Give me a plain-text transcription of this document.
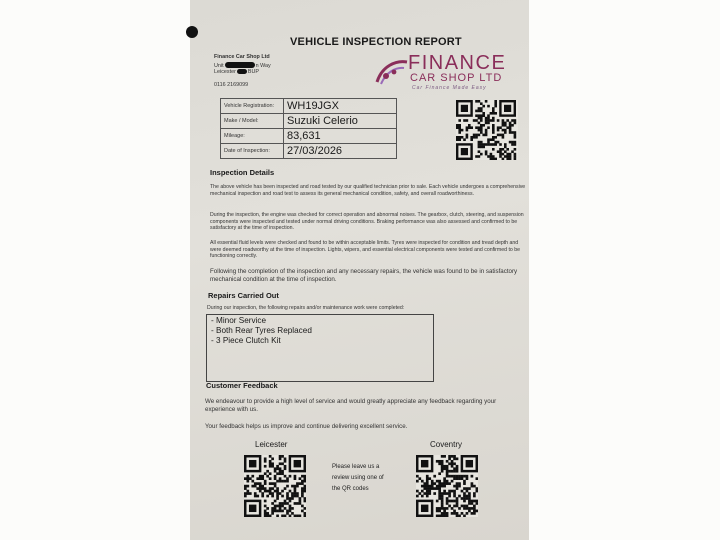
VEHICLE INSPECTION REPORT
Finance Car Shop Ltd
Unit	n Way
Leicester BUP
0116 2169099
FINANCE
CAR SHOP LTD
Car Finance Made Easy
Vehicle Registration:	WH19JGX
Make / Model:	Suzuki Celerio
Mileage:	83,631
Date of Inspection:	27/03/2026
Inspection Details
The above vehicle has been inspected and road tested by our qualified technician prior to sale. Each vehicle undergoes a comprehensive mechanical inspection and road test to assess its general mechanical condition, safety, and overall roadworthiness.
During the inspection, the engine was checked for correct operation and abnormal noises. The gearbox, clutch, steering, and suspension components were inspected and tested under normal driving conditions. Braking performance was also assessed and confirmed to be satisfactory at the time of inspection.
All essential fluid levels were checked and found to be within acceptable limits. Tyres were inspected for condition and tread depth and were deemed roadworthy at the time of inspection. Lights, wipers, and essential electrical components were tested and confirmed to be functioning correctly.
Following the completion of the inspection and any necessary repairs, the vehicle was found to be in satisfactory mechanical condition at the time of inspection.
Repairs Carried Out
During our inspection, the following repairs and/or maintenance work were completed:
- Minor Service
- Both Rear Tyres Replaced
- 3 Piece Clutch Kit
Customer Feedback
We endeavour to provide a high level of service and would greatly appreciate any feedback regarding your experience with us.
Your feedback helps us improve and continue delivering excellent service.
Leicester	Coventry
Please leave us a review using one of the QR codes
